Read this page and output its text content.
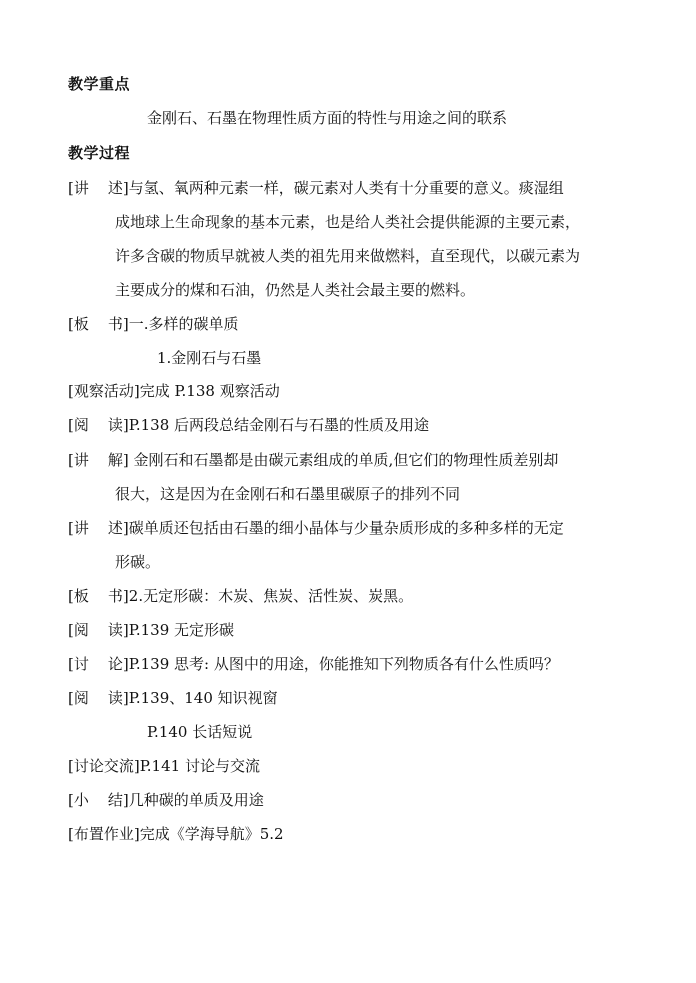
教学重点
金刚石、石墨在物理性质方面的特性与用途之间的联系
教学过程
[讲    述]与氢、氧两种元素一样，碳元素对人类有十分重要的意义。痰湿组
成地球上生命现象的基本元素，也是给人类社会提供能源的主要元素，
许多含碳的物质早就被人类的祖先用来做燃料，直至现代，以碳元素为
主要成分的煤和石油，仍然是人类社会最主要的燃料。
[板    书]一.多样的碳单质
1.金刚石与石墨
[观察活动]完成 P.138 观察活动
[阅    读]P.138 后两段总结金刚石与石墨的性质及用途
[讲    解] 金刚石和石墨都是由碳元素组成的单质,但它们的物理性质差别却
很大，这是因为在金刚石和石墨里碳原子的排列不同
[讲    述]碳单质还包括由石墨的细小晶体与少量杂质形成的多种多样的无定
形碳。
[板    书]2.无定形碳：木炭、焦炭、活性炭、炭黑。
[阅    读]P.139 无定形碳
[讨    论]P.139 思考: 从图中的用途，你能推知下列物质各有什么性质吗？
[阅    读]P.139、140 知识视窗
P.140 长话短说
[讨论交流]P.141 讨论与交流
[小    结]几种碳的单质及用途
[布置作业]完成《学海导航》5.2
